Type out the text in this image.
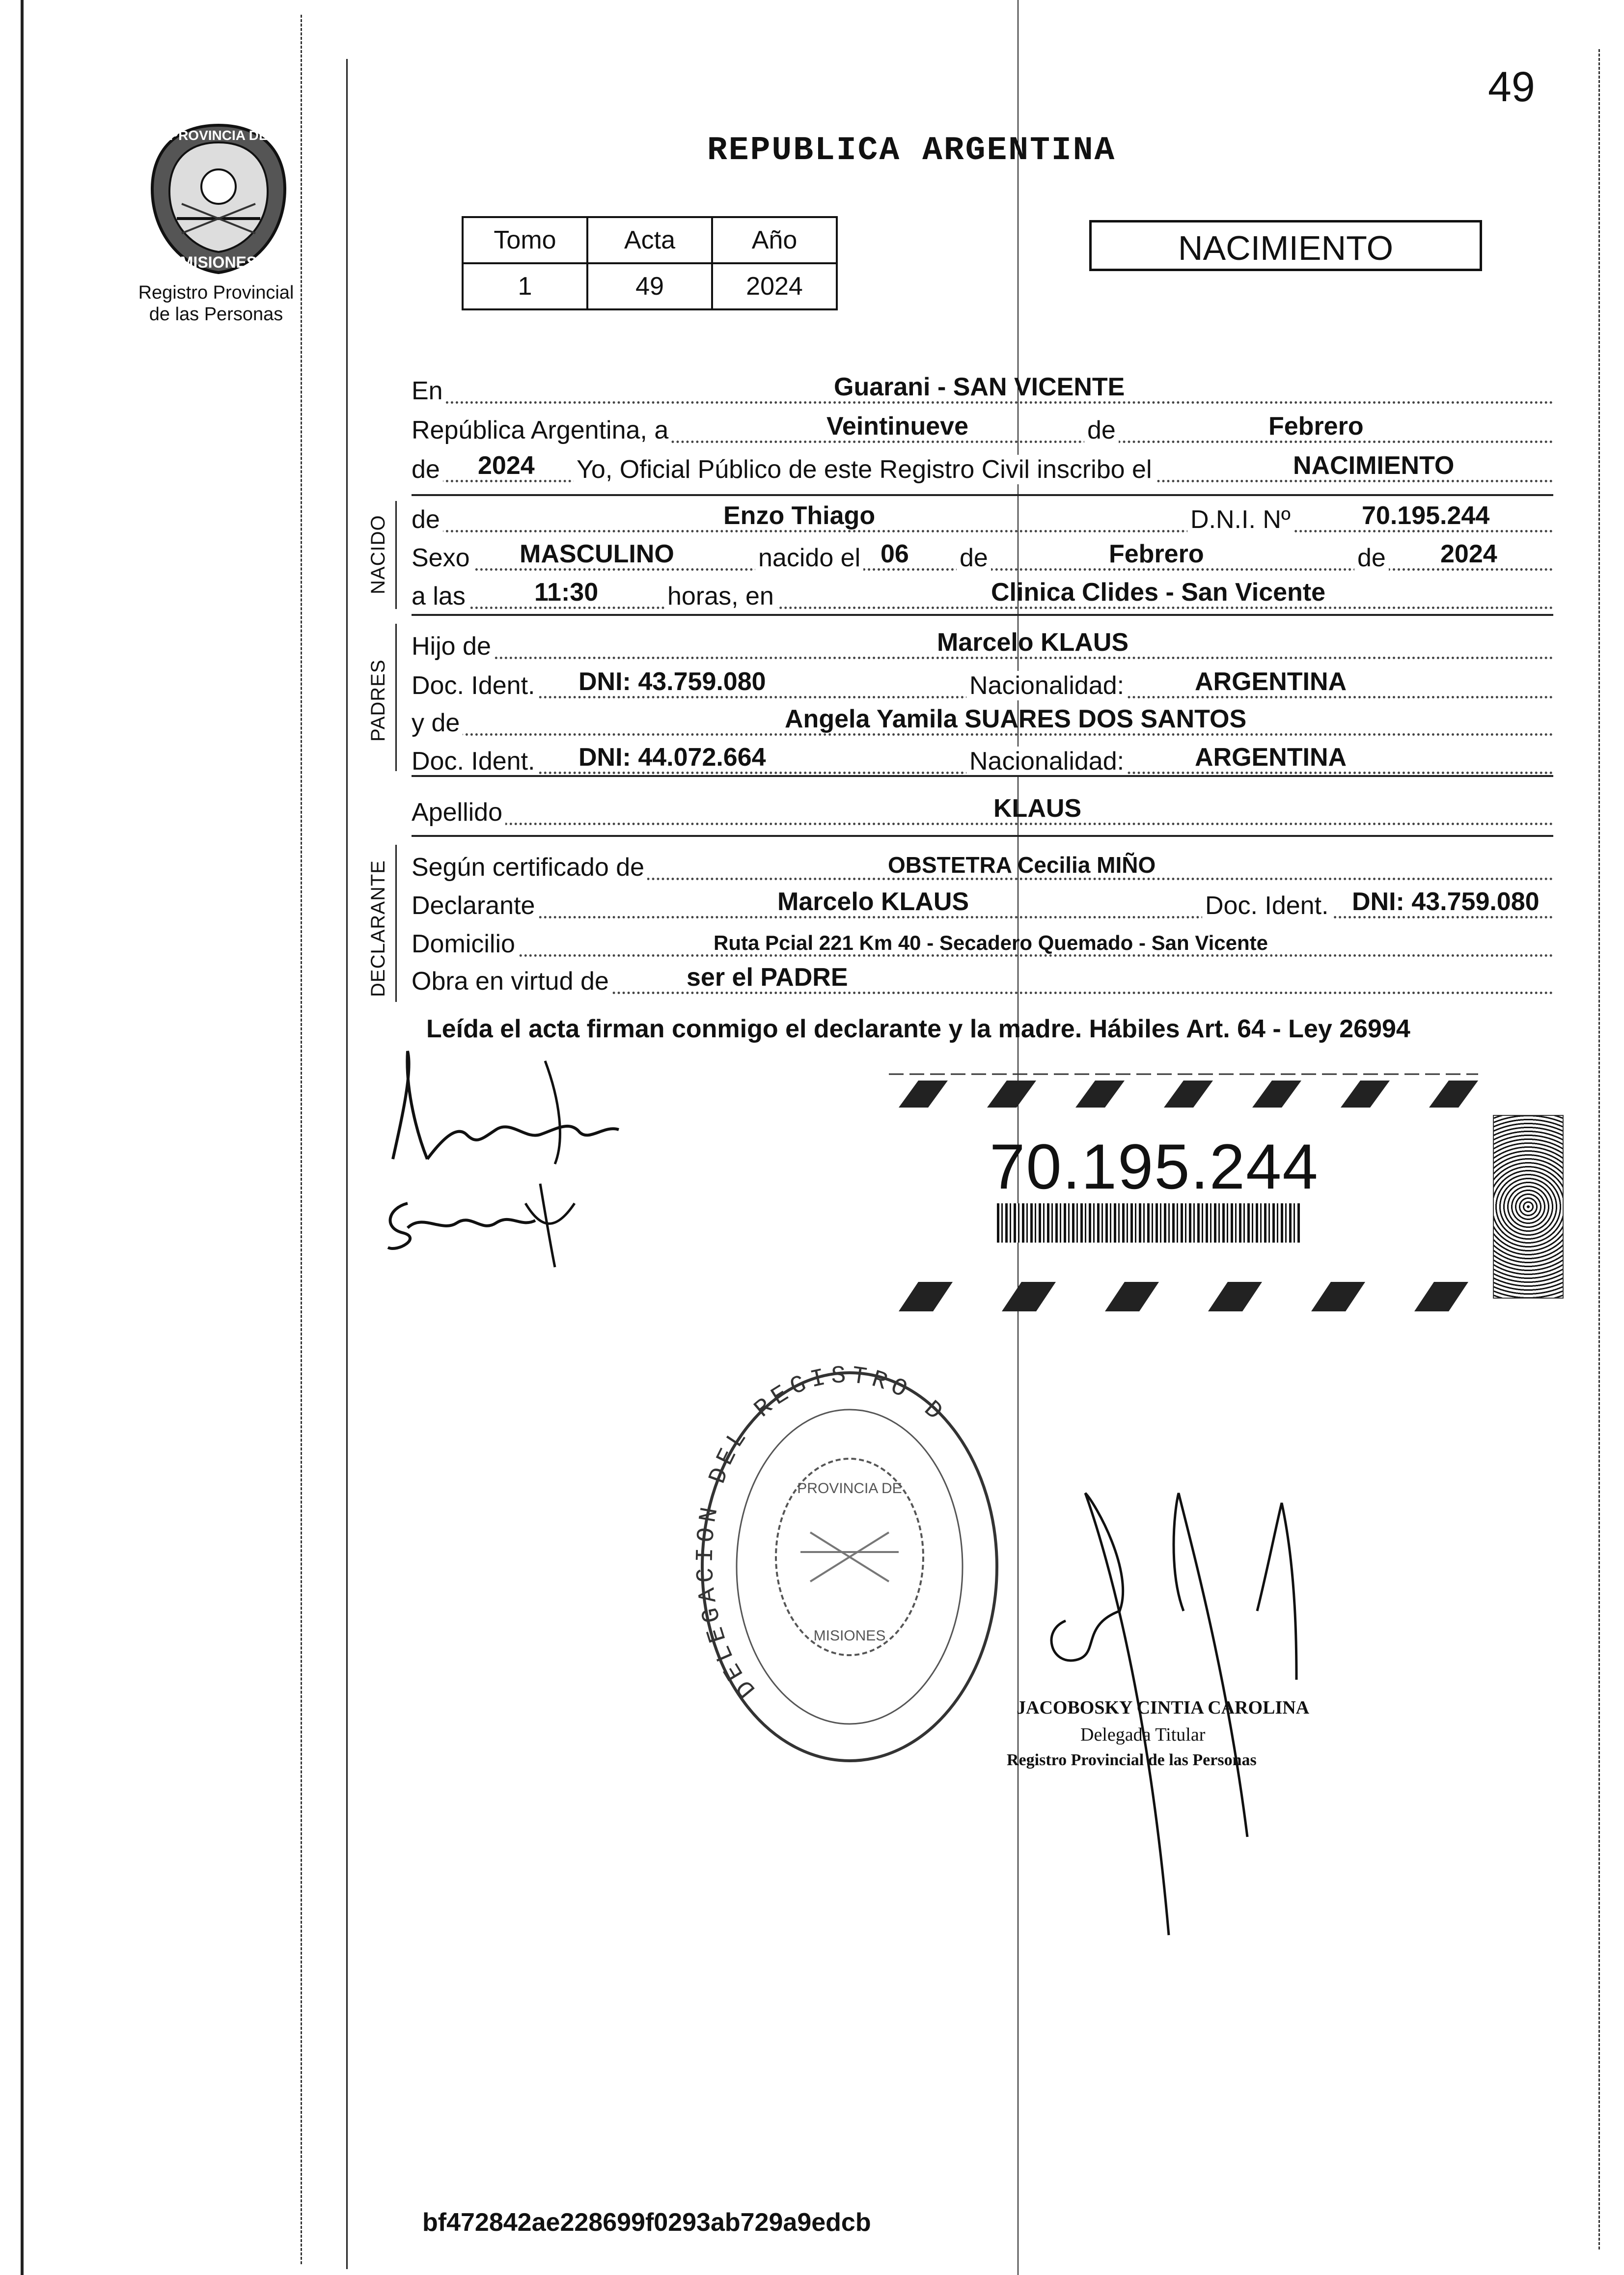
49
PROVINCIA DE
MISIONES
Registro Provincial
de las Personas
REPUBLICA ARGENTINA
Tomo	Acta	Año
1	49	2024
NACIMIENTO
En	Guarani - SAN VICENTE
República Argentina, a	Veintinueve	de	Febrero
de 2024 Yo, Oficial Público de este Registro Civil inscribo el	NACIMIENTO
NACIDO de	Enzo Thiago	D.N.I. Nº	70.195.244
Sexo MASCULINO	nacido el 06 de	Febrero	de 2024
a las	11:30	horas, en	Clinica Clides - San Vicente
PADRES
Hijo de	Marcelo KLAUS
Doc. Ident. DNI: 43.759.080	Nacionalidad:	ARGENTINA
y de	Angela Yamila SUARES DOS SANTOS
Doc. Ident. DNI: 44.072.664	Nacionalidad:	ARGENTINA
Apellido	KLAUS
DECLARANTE Según certificado de	OBSTETRA Cecilia MIÑO
Declarante	Marcelo KLAUS	Doc. Ident. DNI: 43.759.080
Domicilio	Ruta Pcial 221 Km 40 - Secadero Quemado - San Vicente
Obra en virtud de	ser el PADRE
Leída el acta firman conmigo el declarante y la madre. Hábiles Art. 64 - Ley 26994
70.195.244
DELEGACION DEL REGISTRO D
PROVINCIA DE
MISIONES
JACOBOSKY CINTIA CAROLINA
Delegada Titular
Registro Provincial de las Personas
bf472842ae228699f0293ab729a9edcb
